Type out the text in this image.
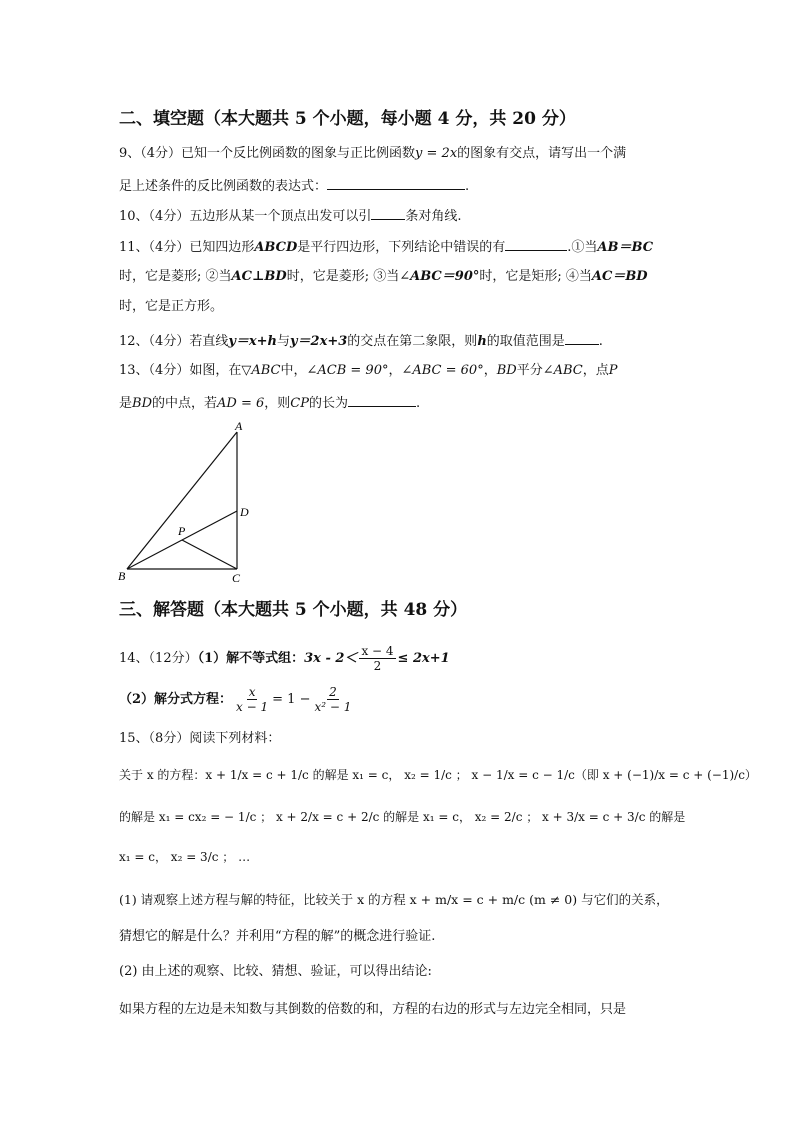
二、填空题（本大题共 5 个小题，每小题 4 分，共 20 分）
9、（4分）已知一个反比例函数的图象与正比例函数y = 2x的图象有交点，请写出一个满
足上述条件的反比例函数的表达式：	.
10、（4分）五边形从某一个顶点出发可以引	条对角线.
11、（4分）已知四边形ABCD是平行四边形，下列结论中错误的有	.①当AB＝BC
时，它是菱形; ②当AC⊥BD时，它是菱形; ③当∠ABC＝90°时，它是矩形; ④当AC＝BD
时，它是正方形。
12、（4分）若直线y＝x+h与y＝2x+3的交点在第二象限，则h的取值范围是	.
13、（4分）如图，在▽ABC中，∠ACB = 90°，∠ABC = 60°，BD平分∠ABC，点P
是BD的中点，若AD = 6，则CP的长为	.
A
B	C
D
P
三、解答题（本大题共 5 个小题，共 48 分）
14、（12分）（1）解不等式组：$3x - 2< \frac{x - 4}{2} \le 2x+1$
（2）解分式方程： $\frac{x}{x - 1} = 1 - \frac{2}{\text{x² − 1}}$
15、（8分）阅读下列材料：
关于 x 的方程：x + 1/x = c + 1/c 的解是 x₁ = c， x₂ = 1/c ； x − 1/x = c − 1/c（即 x + (−1)/x = c + (−1)/c）
的解是 x₁ = cx₂ = − 1/c ； x + 2/x = c + 2/c 的解是 x₁ = c， x₂ = 2/c ； x + 3/x = c + 3/c 的解是
x₁ = c， x₂ = 3/c ； …
(1) 请观察上述方程与解的特征，比较关于 x 的方程 x + m/x = c + m/c (m ≠ 0) 与它们的关系，
猜想它的解是什么？并利用“方程的解”的概念进行验证.
(2) 由上述的观察、比较、猜想、验证，可以得出结论:
如果方程的左边是未知数与其倒数的倍数的和，方程的右边的形式与左边完全相同，只是
